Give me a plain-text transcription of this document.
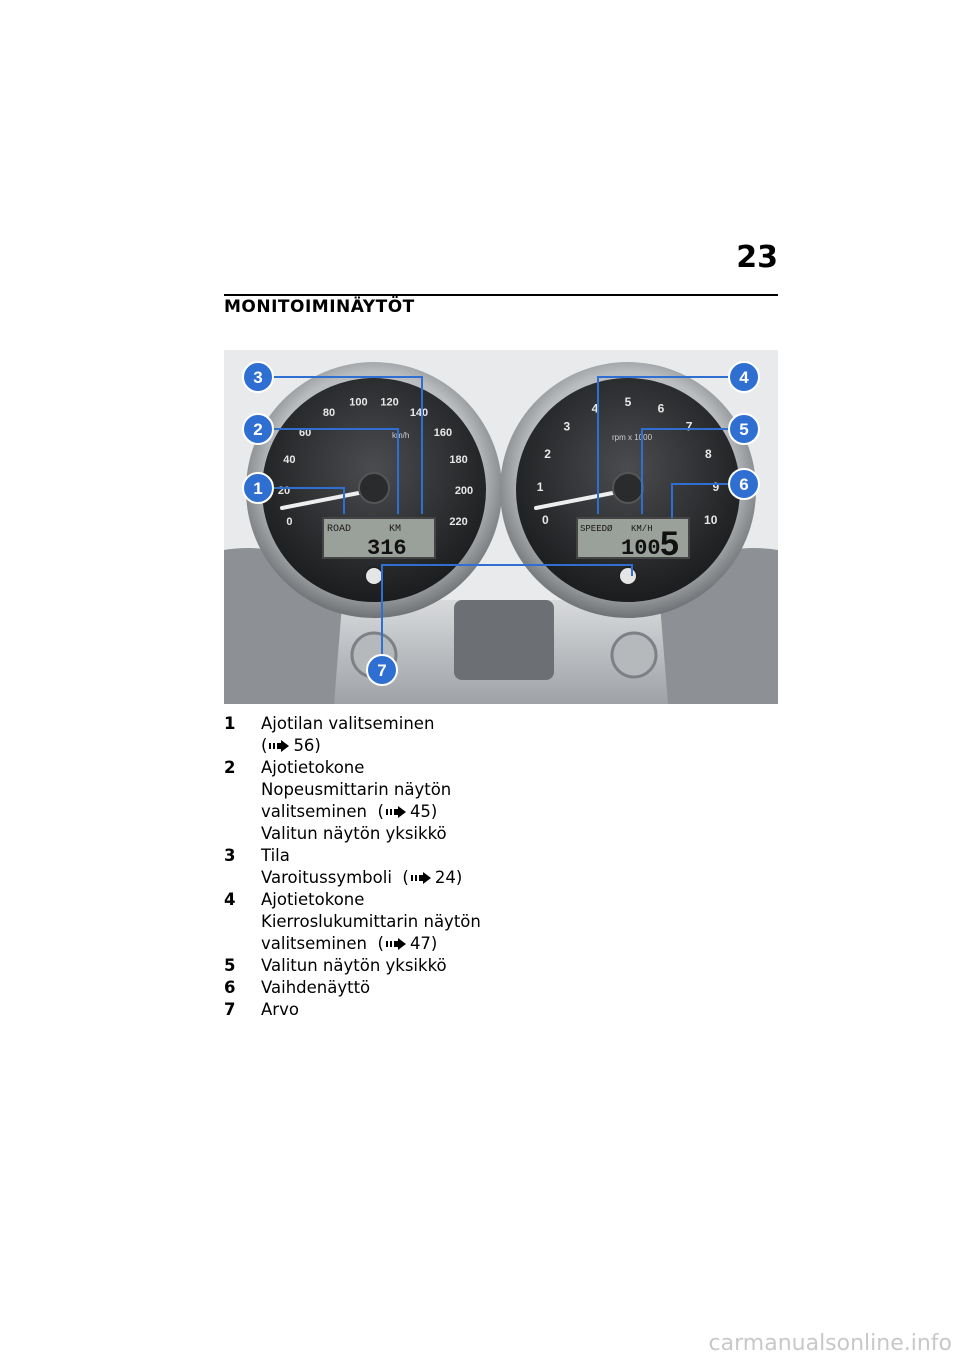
23
MONITOIMINÄYTÖT
0
20
40
60
80
100 120
140
160
180
200
220
km/h
ROAD	KM
316
0
1
2
3
4 5 6
7
8
9
10
rpm x 1000
SPEEDØ KM/H
100 5
1
2
3	4
5
6
7
1	Ajotilan valitseminen
( 56)
2	Ajotietokone
Nopeusmittarin näytön
valitseminen  ( 45)
Valitun näytön yksikkö
3	Tila
Varoitussymboli  ( 24)
4	Ajotietokone
Kierroslukumittarin näytön
valitseminen  ( 47)
5	Valitun näytön yksikkö
6	Vaihdenäyttö
7	Arvo
carmanualsonline.info
